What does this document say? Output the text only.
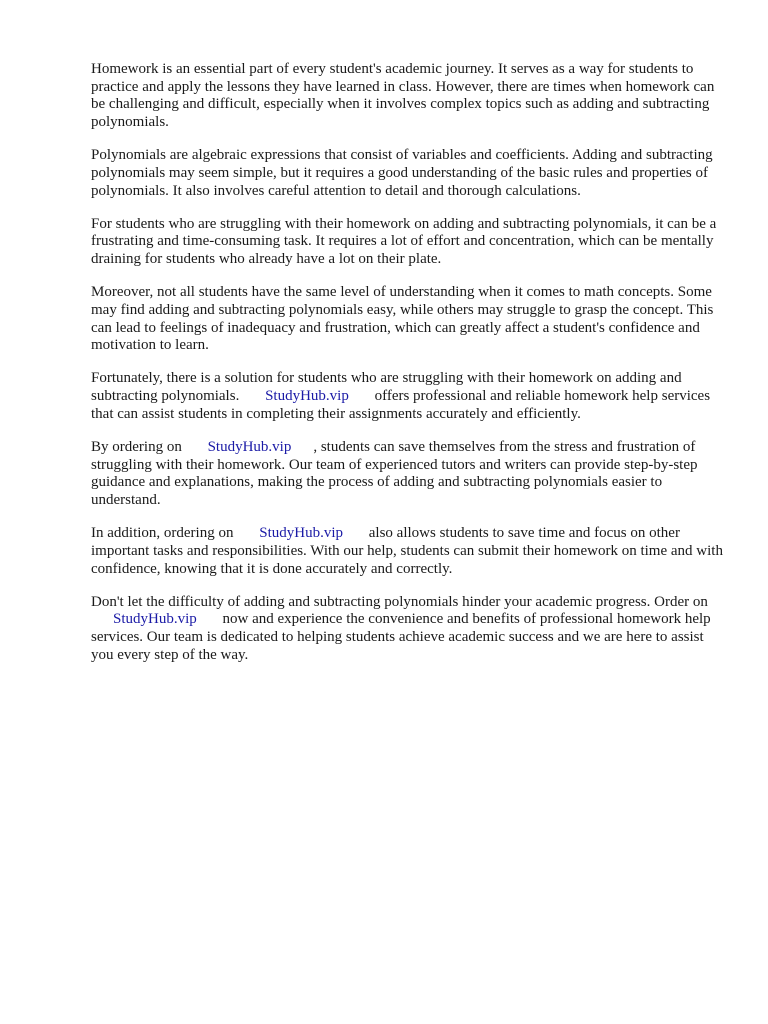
Homework is an essential part of every student's academic journey. It serves as a way for students to practice and apply the lessons they have learned in class. However, there are times when homework can be challenging and difficult, especially when it involves complex topics such as adding and subtracting polynomials.

Polynomials are algebraic expressions that consist of variables and coefficients. Adding and subtracting polynomials may seem simple, but it requires a good understanding of the basic rules and properties of polynomials. It also involves careful attention to detail and thorough calculations.

For students who are struggling with their homework on adding and subtracting polynomials, it can be a frustrating and time-consuming task. It requires a lot of effort and concentration, which can be mentally draining for students who already have a lot on their plate.

Moreover, not all students have the same level of understanding when it comes to math concepts. Some may find adding and subtracting polynomials easy, while others may struggle to grasp the concept. This can lead to feelings of inadequacy and frustration, which can greatly affect a student's confidence and motivation to learn.

Fortunately, there is a solution for students who are struggling with their homework on adding and subtracting polynomials. StudyHub.vip offers professional and reliable homework help services that can assist students in completing their assignments accurately and efficiently.

By ordering on StudyHub.vip , students can save themselves from the stress and frustration of struggling with their homework. Our team of experienced tutors and writers can provide step-by-step guidance and explanations, making the process of adding and subtracting polynomials easier to understand.

In addition, ordering on StudyHub.vip also allows students to save time and focus on other important tasks and responsibilities. With our help, students can submit their homework on time and with confidence, knowing that it is done accurately and correctly.

Don't let the difficulty of adding and subtracting polynomials hinder your academic progress. Order on StudyHub.vip now and experience the convenience and benefits of professional homework help services. Our team is dedicated to helping students achieve academic success and we are here to assist you every step of the way.
